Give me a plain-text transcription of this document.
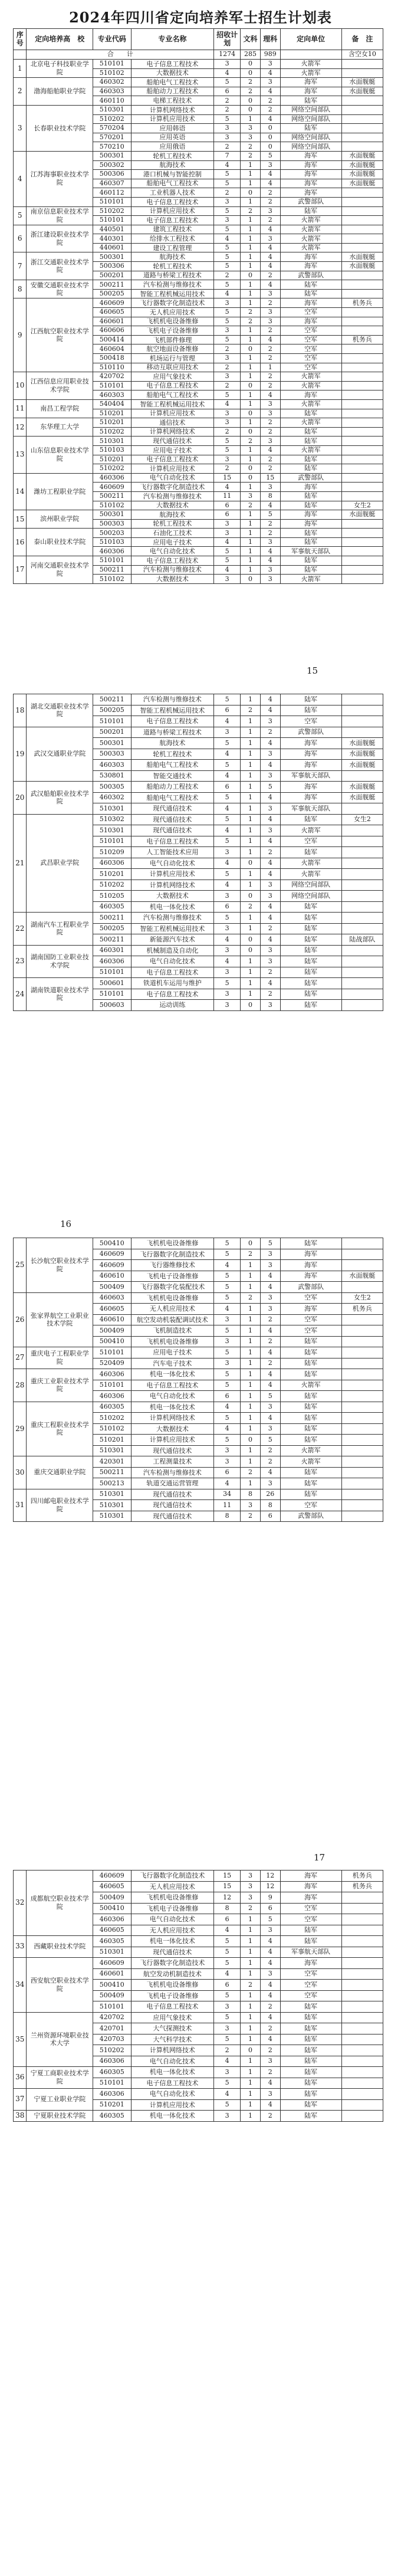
2024年四川省定向培养军士招生计划表
序号	定向培养高　校	专业代码	专业名称	招收计划	文科	理科	定向单位	备　注
	合　　计			1274	285	989		含空女10
1	北京电子科技职业学院	510101	电子信息工程技术	3	0	3	火箭军	
		510102	大数据技术	4	0	4	火箭军	
2	渤海船舶职业学院	460302	船舶电气工程技术	5	2	3	海军	水面舰艇
		460303	船舶动力工程技术	6	2	4	海军	水面舰艇
		460110	电梯工程技术	2	0	2	陆军	
3	长春职业技术学院	510301	计算机网络技术	2	0	2	网络空间部队	
		510202	计算机应用技术	5	1	4	网络空间部队	
		570204	应用韩语	3	3	0	陆军	
		570201	应用英语	3	3	0	网络空间部队	
		570210	应用俄语	2	2	0	网络空间部队	
4	江苏海事职业技术学院	500301	轮机工程技术	7	2	5	海军	水面舰艇
		500302	航海技术	4	1	3	海军	水面舰艇
		500306	港口机械与智能控制	5	1	4	海军	水面舰艇
		460307	船舶电气工程技术	5	1	4	海军	水面舰艇
		460112	工业机器人技术	2	0	2	海军	
		510101	电子信息工程技术	3	1	2	武警部队	
5	南京信息职业技术学院	510202	计算机应用技术	5	2	3	陆军	
		510101	电子信息工程技术	3	1	2	火箭军	
6	浙江建设职业技术学院	440501	建筑工程技术	5	1	4	火箭军	
		440301	给排水工程技术	4	1	3	火箭军	
		440601	建设工程管理	5	1	4	火箭军	
7	浙江交通职业技术学院	500301	航海技术	5	1	4	海军	水面舰艇
		500306	轮机工程技术	5	1	4	海军	水面舰艇
		500201	道路与桥梁工程技术	2	0	2	武警部队	
8	安徽交通职业技术学院	500211	汽车检测与维修技术	5	1	4	陆军	
		500205	智能工程机械运用技术	4	1	3	陆军	
9	江西航空职业技术学院	460609	飞行器数字化制造技术	3	1	2	海军	机务兵
		460605	无人机应用技术	5	2	3	空军	
		460601	飞机机电设备维修	5	2	3	海军	
		460606	飞机电子设备维修	3	1	2	空军	
		500414	飞机部件修理	5	1	4	空军	机务兵
		460604	航空地面设备维修	2	0	2	空军	
		500418	机场运行与管理	3	1	2	空军	
		510110	移动互联应用技术	2	1	1	空军	
10	江西信息应用职业技术学院	420702	应用气象技术	3	1	2	火箭军	
		510101	电子信息工程技术	2	0	2	火箭军	
		460303	船舶电气工程技术	5	1	4	海军	
11	南昌工程学院	540404	智能工程机械运用技术	4	1	3	火箭军	
		510201	计算机应用技术	3	0	3	陆军	
12	东华理工大学	510201	通信技术	3	1	2	火箭军	
		510202	计算机网络技术	2	0	2	陆军	
13	山东信息职业技术学院	510301	现代通信技术	5	2	3	陆军	
		510103	应用电子技术	5	1	4	火箭军	
		510201	电子信息工程技术	3	1	2	陆军	
		510202	计算机应用技术	2	0	2	陆军	
14	潍坊工程职业学院	460306	电气自动化技术	15	0	15	武警部队	
		460609	飞行器数字化制造技术	4	1	3	海军	
		500211	汽车检测与维修技术	11	3	8	陆军	
		510102	大数据技术	6	2	4	陆军	女生2
15	滨州职业学院	500301	航海技术	6	1	5	海军	水面舰艇
		500303	轮机工程技术	3	1	2	海军	
16	泰山职业技术学院	500203	石油化工技术	3	1	2	陆军	
		510103	应用电子技术	4	1	3	陆军	
		460306	电气自动化技术	5	1	4	军事航天部队	
17	河南交通职业技术学院	510101	电子信息工程技术	5	1	4	陆军	
		500211	汽车检测与维修技术	4	1	3	陆军	
		510102	大数据技术	3	0	3	火箭军	
18	湖北交通职业技术学院	500211	汽车检测与维修技术	5	1	4	陆军	
		500205	智能工程机械运用技术	6	2	4	陆军	
		510101	电子信息工程技术	4	1	3	空军	
19	武汉交通职业学院	500201	道路与桥梁工程技术	3	1	2	武警部队	
		500301	航海技术	5	1	4	海军	水面舰艇
		500303	轮机工程技术	4	1	3	海军	水面舰艇
		460303	船舶电气工程技术	5	1	4	海军	水面舰艇
		530801	智能交通技术	4	1	3	军事航天部队	
20	武汉船舶职业技术学院	500305	船舶动力工程技术	6	1	5	海军	水面舰艇
		460302	船舶电气工程技术	5	1	4	海军	水面舰艇
		510301	现代通信技术	4	1	3	军事航天部队	
21	武昌职业学院	510302	现代通信技术	5	1	4	陆军	女生2
		510301	现代通信技术	4	1	3	火箭军	
		510101	电子信息工程技术	5	1	4	空军	
		510209	人工智能技术应用	3	1	2	陆军	
		460306	电气自动化技术	4	0	4	火箭军	
		510201	计算机应用技术	5	1	4	火箭军	
		510202	计算机网络技术	4	1	3	网络空间部队	
		510205	大数据技术	3	0	3	网络空间部队	
		460305	机电一体化技术	6	2	4	陆军	
22	湖南汽车工程职业学院	500211	汽车检测与维修技术	5	1	4	陆军	
		500205	智能工程机械运用技术	3	1	2	陆军	
		500211	新能源汽车技术	4	0	4	陆军	陆战部队
23	湖南国防工业职业技术学院	460301	机械制造及自动化	3	0	3	陆军	
		460306	电气自动化技术	4	1	3	陆军	
		510101	电子信息工程技术	3	1	2	陆军	
24	湖南铁道职业技术学院	500601	铁道机车运用与维护	5	1	4	陆军	
		510101	电子信息工程技术	3	1	2	陆军	
		500603	运动训练	3	0	3	陆军	
25	长沙航空职业技术学院	500410	飞机机电设备维修	5	0	5	陆军	
		460609	飞行器数字化制造技术	5	2	3	海军	
		460609	飞行器维修技术	4	1	3	海军	
		460610	飞机电子设备维修	5	1	4	海军	水面舰艇
		500409	飞行器数字化装配技术	5	1	4	武警部队	
26	张家界航空工业职业技术学院	460603	飞机机电设备维修	5	2	3	空军	女生2
		460605	无人机应用技术	4	1	3	海军	机务兵
		460610	航空发动机装配调试技术	3	1	2	空军	
		500409	飞机制造技术	5	1	4	空军	
		500410	飞机机电设备维修	3	1	2	陆军	
27	重庆电子工程职业学院	510101	应用电子技术	5	1	4	陆军	
		520409	汽车电子技术	3	1	2	陆军	
28	重庆工业职业技术学院	460306	机电一体化技术	5	1	4	陆军	
		510101	电子信息工程技术	5	1	4	火箭军	
		460306	电气自动化技术	6	1	5	陆军	
29	重庆工程职业技术学院	460305	机电一体化技术	4	1	3	陆军	
		510202	计算机网络技术	5	1	4	陆军	
		510102	大数据技术	4	1	3	陆军	
		510201	计算机应用技术	5	0	5	陆军	
		510301	现代通信技术	3	1	2	火箭军	
30	重庆交通职业学院	420301	工程测量技术	3	1	2	火箭军	
		500211	汽车检测与维修技术	6	2	4	陆军	
		500213	轨道交通运营管理	4	1	3	陆军	
31	四川邮电职业技术学院	510301	现代通信技术	34	8	26	陆军	
		510301	现代通信技术	11	3	8	空军	
		510301	现代通信技术	8	2	6	武警部队	
32	成都航空职业技术学院	460609	飞行器数字化制造技术	15	3	12	海军	机务兵
		460605	无人机应用技术	15	3	12	海军	机务兵
		500409	飞机机电设备维修	12	3	9	海军	
		500410	飞机电子设备维修	8	2	6	空军	
		460306	电气自动化技术	6	1	5	空军	
		460605	无人机应用技术	4	1	3	陆军	
33	西藏职业技术学院	460305	机电一体化技术	5	1	4	陆军	
		510301	现代通信技术	5	1	4	军事航天部队	
34	西安航空职业技术学院	460609	飞行器数字化制造技术	5	1	4	海军	
		460601	航空发动机制造技术	4	1	3	空军	
		500410	飞机机电设备维修	6	2	4	空军	
		500409	飞机电子设备维修	5	1	4	空军	
		510101	电子信息工程技术	3	1	2	陆军	
35	兰州资源环境职业技术大学	420702	应用气象技术	5	1	4	陆军	
		420701	大气探测技术	3	1	2	陆军	
		420703	大气科学技术	5	1	4	陆军	
		510202	计算机网络技术	2	0	2	陆军	
		460306	电气自动化技术	4	1	3	陆军	
36	宁夏工商职业技术学院	460305	机电一体化技术	3	1	2	陆军	
		510101	电子信息工程技术	5	1	4	陆军	
37	宁夏工业职业学院	460306	电气自动化技术	4	1	3	陆军	
		510201	计算机应用技术	5	1	4	陆军	
38	宁夏职业技术学院	460305	机电一体化技术	3	1	2	陆军	
15
16
17
